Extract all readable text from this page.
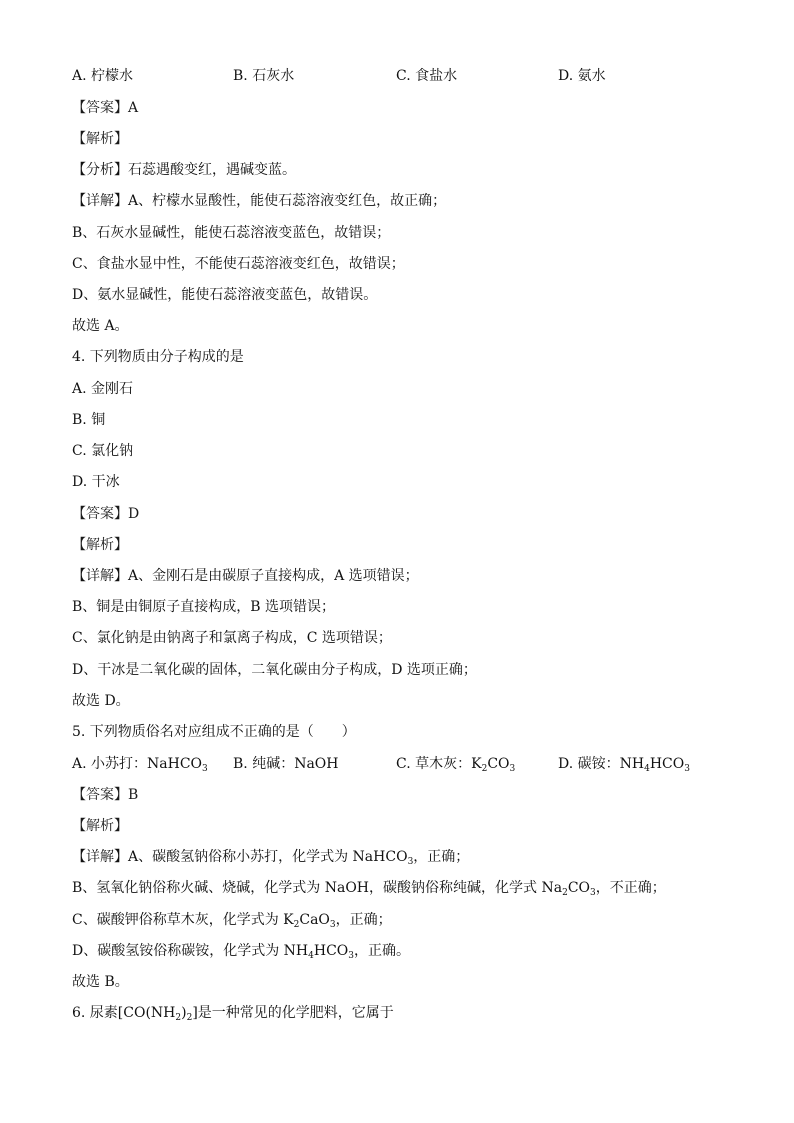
A. 柠檬水	B. 石灰水	C. 食盐水	D. 氨水
【答案】A
【解析】
【分析】石蕊遇酸变红，遇碱变蓝。
【详解】A、柠檬水显酸性，能使石蕊溶液变红色，故正确；
B、石灰水显碱性，能使石蕊溶液变蓝色，故错误；
C、食盐水显中性，不能使石蕊溶液变红色，故错误；
D、氨水显碱性，能使石蕊溶液变蓝色，故错误。
故选 A。
4. 下列物质由分子构成的是
A. 金刚石
B. 铜
C. 氯化钠
D. 干冰
【答案】D
【解析】
【详解】A、金刚石是由碳原子直接构成，A 选项错误；
B、铜是由铜原子直接构成，B 选项错误；
C、氯化钠是由钠离子和氯离子构成，C 选项错误；
D、干冰是二氧化碳的固体，二氧化碳由分子构成，D 选项正确；
故选 D。
5. 下列物质俗名对应组成不正确的是（　　）
A. 小苏打：NaHCO$_3$ B. 纯碱：NaOH	C. 草木灰：$K_2CO_3$	D. 碳铵：$NH_4HCO_3$
【答案】B
【解析】
【详解】A、碳酸氢钠俗称小苏打，化学式为 NaHCO$_3$，正确；
B、氢氧化钠俗称火碱、烧碱，化学式为 NaOH，碳酸钠俗称纯碱，化学式 $Na_2CO_3$，不正确；
C、碳酸钾俗称草木灰，化学式为 $K_2CaO_3$，正确；
D、碳酸氢铵俗称碳铵，化学式为 $NH_4HCO_3$，正确。
故选 B。
6. 尿素$[CO(NH_2)_2]$是一种常见的化学肥料，它属于
